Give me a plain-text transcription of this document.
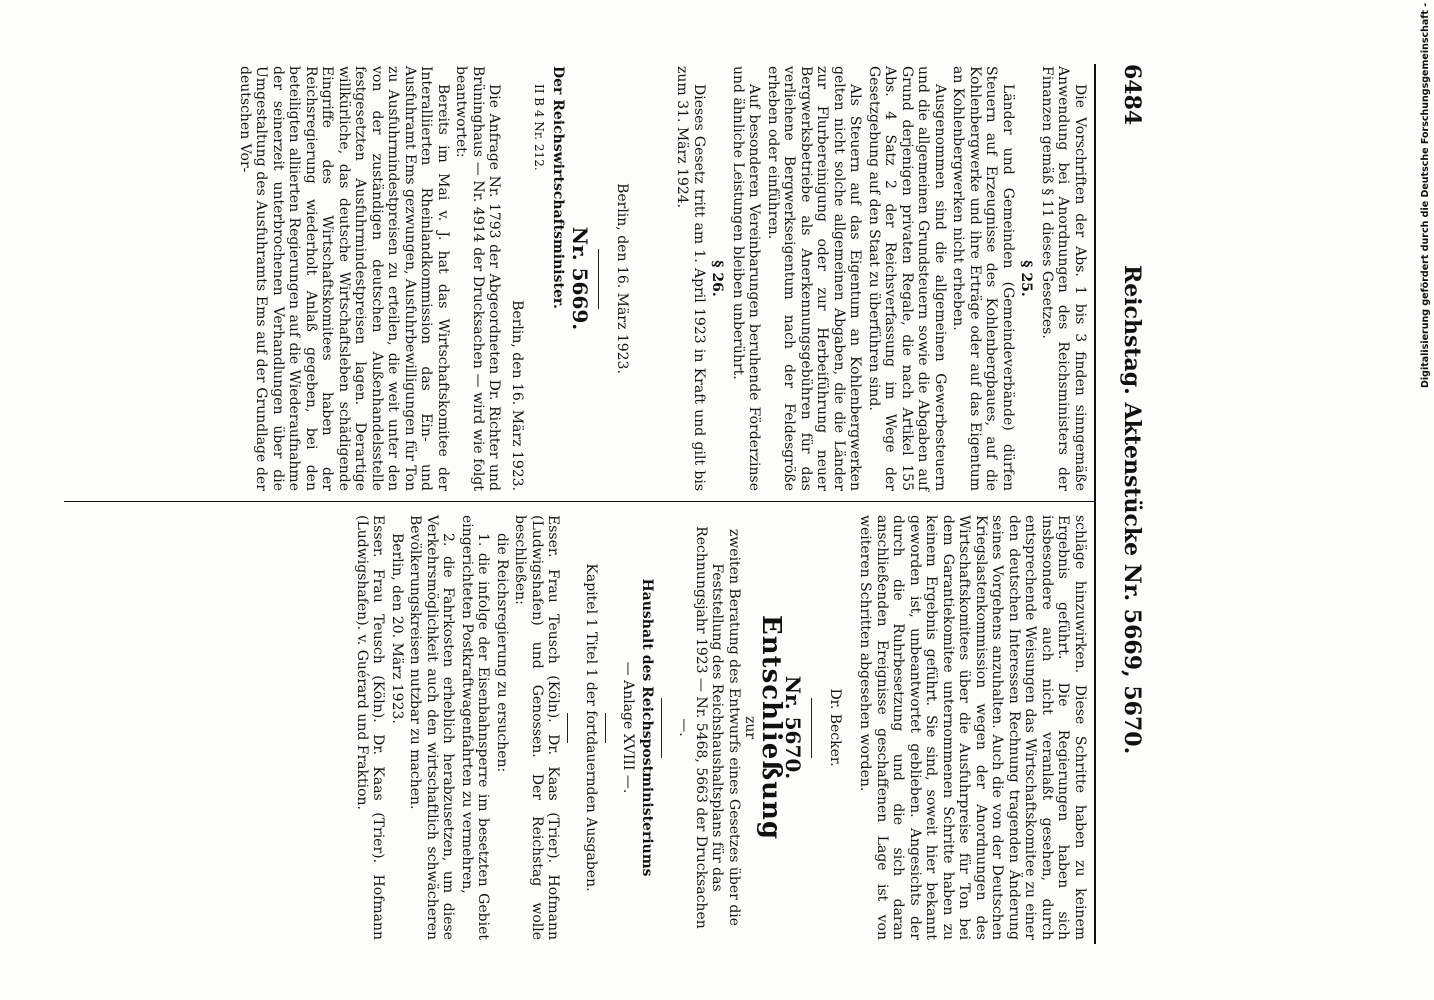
6484
Reichstag. Aktenstücke Nr. 5669, 5670.

Die Vorschriften der Abs. 1 bis 3 finden sinngemäße Anwendung bei Anordnungen des Reichsministers der Finanzen gemäß § 11 dieses Gesetzes.

§ 25.

Länder und Gemeinden (Gemeindeverbände) dürfen Steuern auf Erzeugnisse des Kohlenbergbaues, auf die Kohlenbergwerke und ihre Erträge oder auf das Eigentum an Kohlenbergwerken nicht erheben.

Ausgenommen sind die allgemeinen Gewerbesteuern und die allgemeinen Grundsteuern sowie die Abgaben auf Grund derjenigen privaten Regale, die nach Artikel 155 Abs. 4 Satz 2 der Reichsverfassung im Wege der Gesetzgebung auf den Staat zu überführen sind.

Als Steuern auf das Eigentum an Kohlenbergwerken gelten nicht solche allgemeinen Abgaben, die die Länder zur Flurbereinigung oder zur Herbeiführung neuer Bergwerksbetriebe als Anerkennungsgebühren für das verliehene Bergwerkseigentum nach der Feldesgröße erheben oder einführen.

Auf besonderen Vereinbarungen beruhende Förderzinse und ähnliche Leistungen bleiben unberührt.

§ 26.

Dieses Gesetz tritt am 1. April 1923 in Kraft und gilt bis zum 31. März 1924.

Berlin, den 16. März 1923.
Nr. 5669.

Der Reichswirtschaftsminister.

II B 4 Nr. 212.

Berlin, den 16. März 1923.

Die Anfrage Nr. 1793 der Abgeordneten Dr. Richter und Brüninghaus — Nr. 4914 der Drucksachen — wird wie folgt beantwortet:

Bereits im Mai v. J. hat das Wirtschaftskomitee der Interalliierten Rheinlandkommission das Ein- und Ausfuhramt Ems gezwungen, Ausfuhrbewilligungen für Ton zu Ausfuhrmindestpreisen zu erteilen, die weit unter den von der zuständigen deutschen Außenhandelsstelle festgesetzten Ausfuhrmindestpreisen lagen. Derartige willkürliche, das deutsche Wirtschaftsleben schädigende Eingriffe des Wirtschaftskomitees haben der Reichsregierung wiederholt Anlaß gegeben, bei den beteiligten alliierten Regierungen auf die Wiederaufnahme der seinerzeit unterbrochenen Verhandlungen über die Umgestaltung des Ausfuhramts Ems auf der Grundlage der deutschen Vor-

schläge hinzuwirken. Diese Schritte haben zu keinem Ergebnis geführt. Die Regierungen haben sich insbesondere auch nicht veranlaßt gesehen, durch entsprechende Weisungen das Wirtschaftskomitee zu einer den deutschen Interessen Rechnung tragenden Änderung seines Vorgehens anzuhalten. Auch die von der Deutschen Kriegslastenkommission wegen der Anordnungen des Wirtschaftskomitees über die Ausfuhrpreise für Ton bei dem Garantiekomitee unternommenen Schritte haben zu keinem Ergebnis geführt. Sie sind, soweit hier bekannt geworden ist, unbeantwortet geblieben. Angesichts der durch die Ruhrbesetzung und die sich daran anschließenden Ereignisse geschaffenen Lage ist von weiteren Schritten abgesehen worden.

Dr. Becker.
Nr. 5670.
Entschließung
zur

zweiten Beratung des Entwurfs eines Gesetzes über die Feststellung des Reichshaushaltsplans für das Rechnungsjahr 1923 — Nr. 5468, 5663 der Drucksachen —.

Haushalt des Reichspostministeriums
— Anlage XVIII —.
Kapitel 1 Titel 1 der fortdauernden Ausgaben.

Esser. Frau Teusch (Köln). Dr. Kaas (Trier). Hofmann (Ludwigshafen) und Genossen. Der Reichstag wolle beschließen:

die Reichsregierung zu ersuchen:

1. die infolge der Eisenbahnsperre im besetzten Gebiet eingerichteten Postkraftwagenfahrten zu vermehren,

2. die Fahrkosten erheblich herabzusetzen, um diese Verkehrsmöglichkeit auch den wirtschaftlich schwächeren Bevölkerungskreisen nutzbar zu machen.

Berlin, den 20. März 1923.

Esser. Frau Teusch (Köln). Dr. Kaas (Trier). Hofmann (Ludwigshafen). v. Guérard und Fraktion.

Digitalisierung gefördert durch die Deutsche Forschungsgemeinschaft -
